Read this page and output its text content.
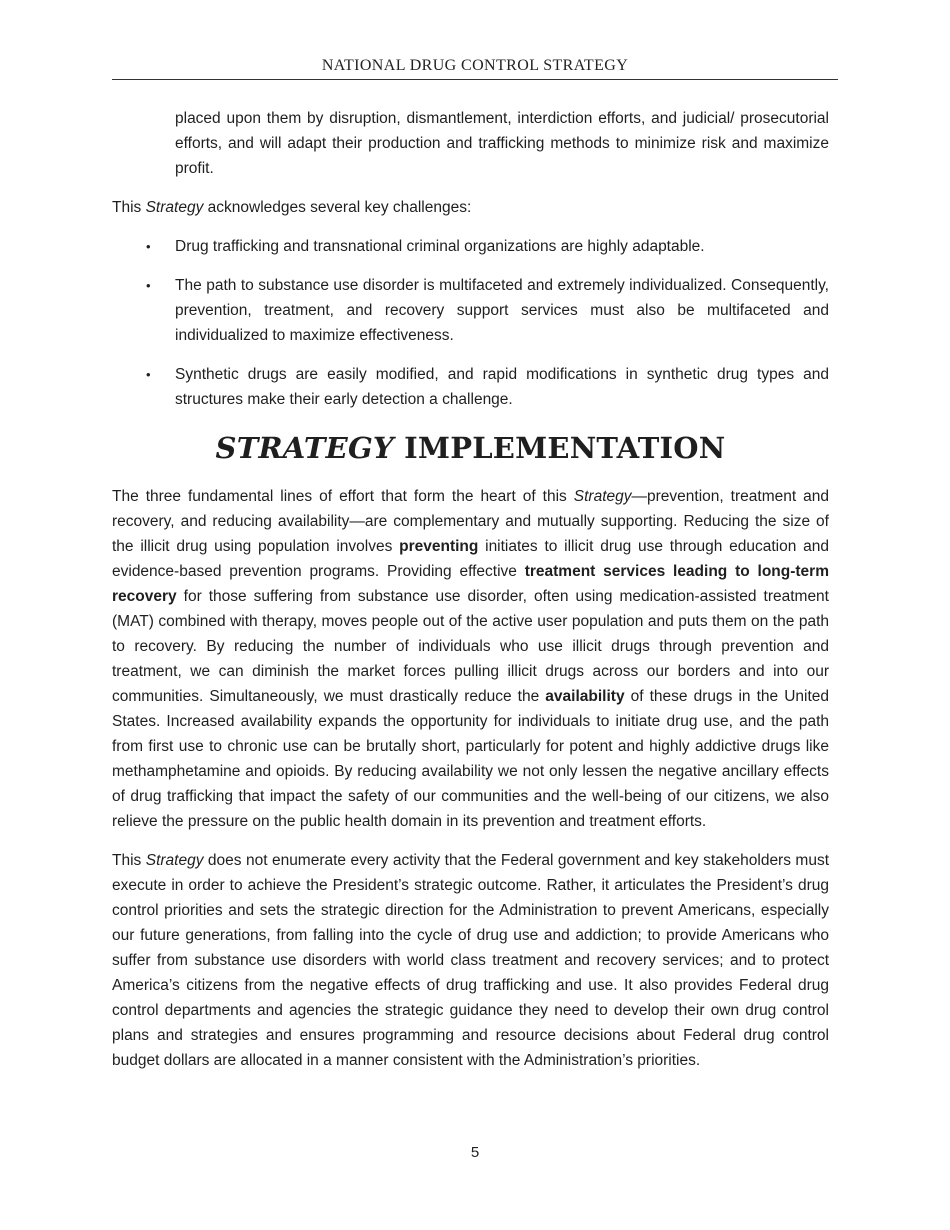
NATIONAL DRUG CONTROL STRATEGY

placed upon them by disruption, dismantlement, interdiction efforts, and judicial/ prosecutorial efforts, and will adapt their production and trafficking methods to minimize risk and maximize profit.

This Strategy acknowledges several key challenges:

• Drug trafficking and transnational criminal organizations are highly adaptable.
• The path to substance use disorder is multifaceted and extremely individualized. Consequently, prevention, treatment, and recovery support services must also be multifaceted and individualized to maximize effectiveness.
• Synthetic drugs are easily modified, and rapid modifications in synthetic drug types and structures make their early detection a challenge.
STRATEGY IMPLEMENTATION

The three fundamental lines of effort that form the heart of this Strategy—prevention, treatment and recovery, and reducing availability—are complementary and mutually supporting. Reducing the size of the illicit drug using population involves preventing initiates to illicit drug use through education and evidence-based prevention programs. Providing effective treatment services leading to long-term recovery for those suffering from substance use disorder, often using medication-assisted treatment (MAT) combined with therapy, moves people out of the active user population and puts them on the path to recovery. By reducing the number of individuals who use illicit drugs through prevention and treatment, we can diminish the market forces pulling illicit drugs across our borders and into our communities. Simultaneously, we must drastically reduce the availability of these drugs in the United States. Increased availability expands the opportunity for individuals to initiate drug use, and the path from first use to chronic use can be brutally short, particularly for potent and highly addictive drugs like methamphetamine and opioids. By reducing availability we not only lessen the negative ancillary effects of drug trafficking that impact the safety of our communities and the well-being of our citizens, we also relieve the pressure on the public health domain in its prevention and treatment efforts.

This Strategy does not enumerate every activity that the Federal government and key stakeholders must execute in order to achieve the President’s strategic outcome. Rather, it articulates the President’s drug control priorities and sets the strategic direction for the Administration to prevent Americans, especially our future generations, from falling into the cycle of drug use and addiction; to provide Americans who suffer from substance use disorders with world class treatment and recovery services; and to protect America’s citizens from the negative effects of drug trafficking and use. It also provides Federal drug control departments and agencies the strategic guidance they need to develop their own drug control plans and strategies and ensures programming and resource decisions about Federal drug control budget dollars are allocated in a manner consistent with the Administration’s priorities.

5
